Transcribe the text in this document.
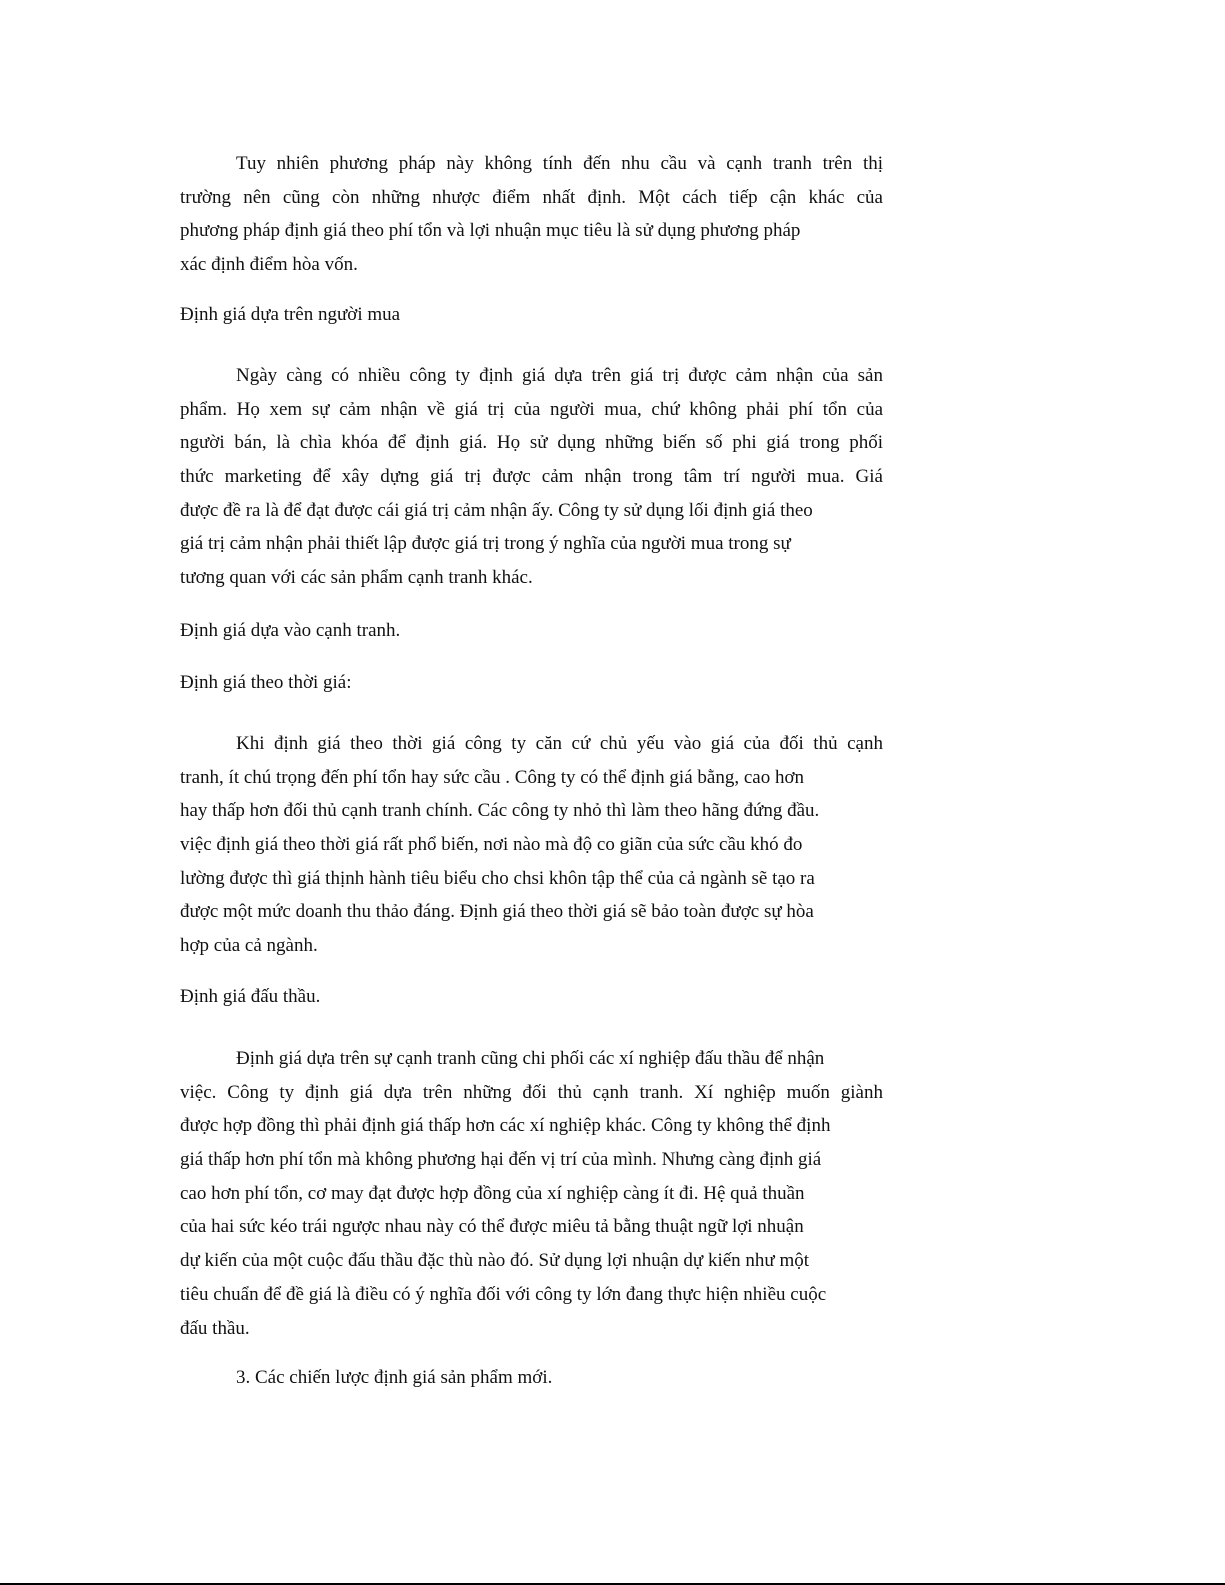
Tuy nhiên phương pháp này không tính đến nhu cầu và cạnh tranh trên thị
trường nên cũng còn những nhược điểm nhất định. Một cách tiếp cận khác của
phương pháp định giá theo phí tổn và lợi nhuận mục tiêu là sử dụng phương pháp
xác định điểm hòa vốn.
Định giá dựa trên người mua
Ngày càng có nhiều công ty định giá dựa trên giá trị được cảm nhận của sản
phẩm. Họ xem sự cảm nhận về giá trị của người mua, chứ không phải phí tổn của
người bán, là chìa khóa để định giá. Họ sử dụng những biến số phi giá trong phối
thức marketing để xây dựng giá trị được cảm nhận trong tâm trí người mua. Giá
được đề ra là để đạt được cái giá trị cảm nhận ấy. Công ty sử dụng lối định giá theo
giá trị cảm nhận phải thiết lập được giá trị trong ý nghĩa của người mua trong sự
tương quan với các sản phẩm cạnh tranh khác.
Định giá dựa vào cạnh tranh.
Định giá theo thời giá:
Khi định giá theo thời giá công ty căn cứ chủ yếu vào giá của đối thủ cạnh
tranh, ít chú trọng đến phí tổn hay sức cầu . Công ty có thể định giá bằng, cao hơn
hay thấp hơn đối thủ cạnh tranh chính. Các công ty nhỏ thì làm theo hãng đứng đầu.
việc định giá theo thời giá rất phổ biến, nơi nào mà độ co giãn của sức cầu khó đo
lường được thì giá thịnh hành tiêu biểu cho chsi khôn tập thể của cả ngành sẽ tạo ra
được một mức doanh thu thảo đáng. Định giá theo thời giá sẽ bảo toàn được sự hòa
hợp của cả ngành.
Định giá đấu thầu.
Định giá dựa trên sự cạnh tranh cũng chi phối các xí nghiệp đấu thầu để nhận
việc. Công ty định giá dựa trên những đối thủ cạnh tranh. Xí nghiệp muốn giành
được hợp đồng thì phải định giá thấp hơn các xí nghiệp khác. Công ty không thể định
giá thấp hơn phí tổn mà không phương hại đến vị trí của mình. Nhưng càng định giá
cao hơn phí tổn, cơ may đạt được hợp đồng của xí nghiệp càng ít đi. Hệ quả thuần
của hai sức kéo trái ngược nhau này có thể được miêu tả bằng thuật ngữ lợi nhuận
dự kiến của một cuộc đấu thầu đặc thù nào đó. Sử dụng lợi nhuận dự kiến như một
tiêu chuẩn để đề giá là điều có ý nghĩa đối với công ty lớn đang thực hiện nhiều cuộc
đấu thầu.
3. Các chiến lược định giá sản phẩm mới.
